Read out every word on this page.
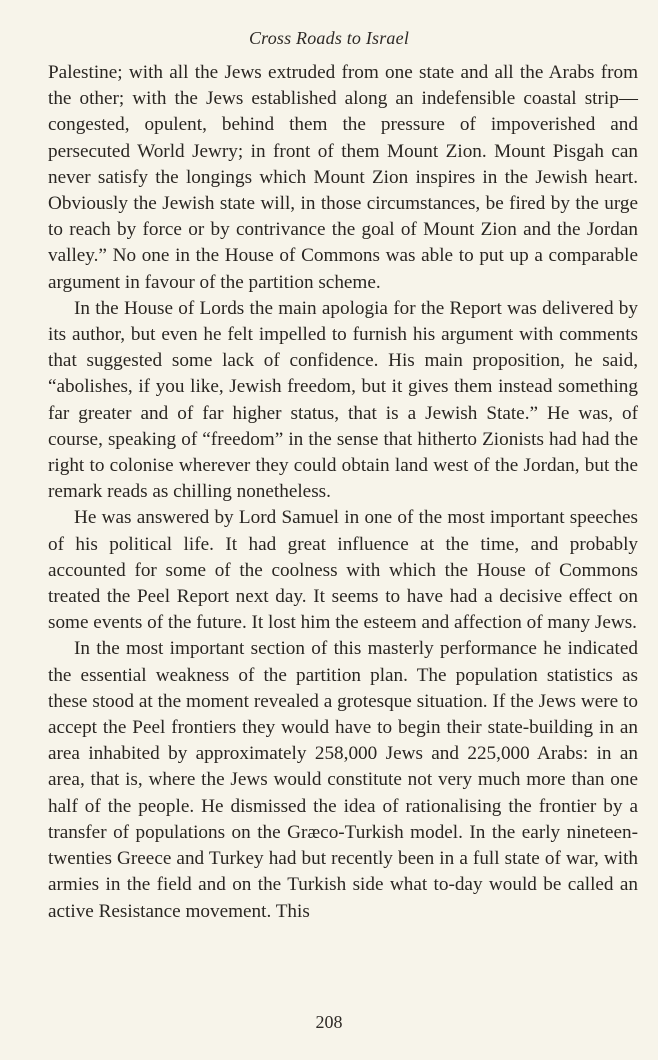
Cross Roads to Israel

Palestine; with all the Jews extruded from one state and all the Arabs from the other; with the Jews established along an indefensible coastal strip—congested, opulent, behind them the pressure of impoverished and persecuted World Jewry; in front of them Mount Zion. Mount Pisgah can never satisfy the longings which Mount Zion inspires in the Jewish heart. Obviously the Jewish state will, in those circumstances, be fired by the urge to reach by force or by contrivance the goal of Mount Zion and the Jordan valley.” No one in the House of Commons was able to put up a comparable argument in favour of the partition scheme.

In the House of Lords the main apologia for the Report was delivered by its author, but even he felt impelled to furnish his argument with comments that suggested some lack of confidence. His main proposition, he said, “abolishes, if you like, Jewish freedom, but it gives them instead something far greater and of far higher status, that is a Jewish State.” He was, of course, speaking of “freedom” in the sense that hitherto Zionists had had the right to colonise wherever they could obtain land west of the Jordan, but the remark reads as chilling nonetheless.

He was answered by Lord Samuel in one of the most important speeches of his political life. It had great influence at the time, and probably accounted for some of the coolness with which the House of Commons treated the Peel Report next day. It seems to have had a decisive effect on some events of the future. It lost him the esteem and affection of many Jews.

In the most important section of this masterly performance he indicated the essential weakness of the partition plan. The population statistics as these stood at the moment revealed a grotesque situation. If the Jews were to accept the Peel frontiers they would have to begin their state-building in an area inhabited by approximately 258,000 Jews and 225,000 Arabs: in an area, that is, where the Jews would constitute not very much more than one half of the people. He dismissed the idea of rationalising the frontier by a transfer of populations on the Græco-Turkish model. In the early nineteen-twenties Greece and Turkey had but recently been in a full state of war, with armies in the field and on the Turkish side what to-day would be called an active Resistance movement. This

208
